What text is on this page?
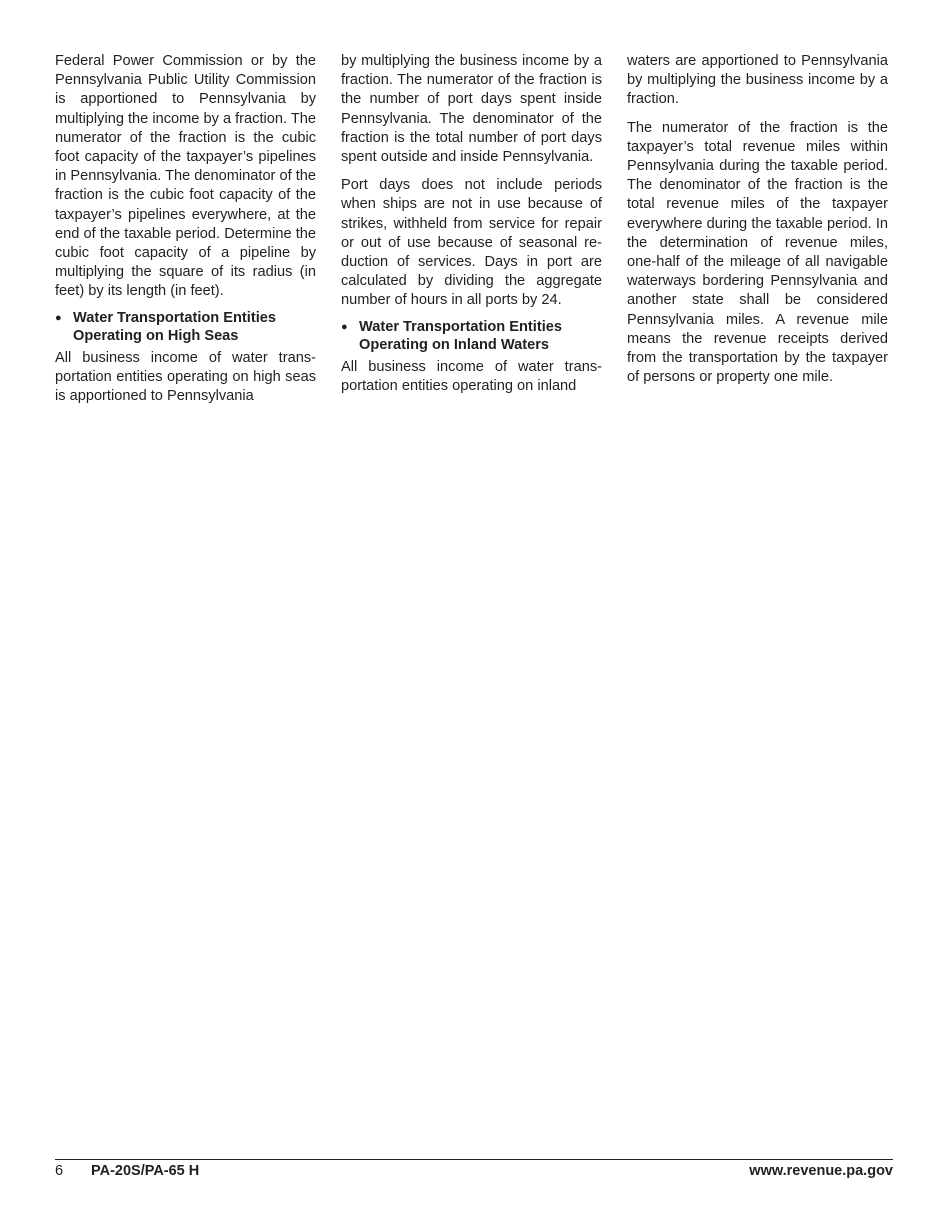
Federal Power Commission or by the Pennsylvania Public Utility Commission is apportioned to Pennsylvania by multiplying the income by a fraction. The numerator of the fraction is the cubic foot capacity of the taxpayer’s pipelines in Pennsylvania. The denominator of the fraction is the cubic foot capacity of the taxpayer’s pipelines everywhere, at the end of the taxable period. Determine the cubic foot capacity of a pipeline by multiplying the square of its radius (in feet) by its length (in feet).

● Water Transportation Entities Operating on High Seas

All business income of water transportation entities operating on high seas is apportioned to Pennsylvania

by multiplying the business income by a fraction. The numerator of the fraction is the number of port days spent inside Pennsylvania. The denominator of the fraction is the total number of port days spent outside and inside Pennsylvania.

Port days does not include periods when ships are not in use because of strikes, withheld from service for repair or out of use because of seasonal reduction of services. Days in port are calculated by dividing the aggregate number of hours in all ports by 24.

● Water Transportation Entities Operating on Inland Waters

All business income of water transportation entities operating on inland

waters are apportioned to Pennsylvania by multiplying the business income by a fraction.

The numerator of the fraction is the taxpayer’s total revenue miles within Pennsylvania during the taxable period. The denominator of the fraction is the total revenue miles of the taxpayer everywhere during the taxable period. In the determination of revenue miles, one-half of the mileage of all navigable waterways bordering Pennsylvania and another state shall be considered Pennsylvania miles. A revenue mile means the revenue receipts derived from the transportation by the taxpayer of persons or property one mile.

6	PA-20S/PA-65 H	www.revenue.pa.gov
